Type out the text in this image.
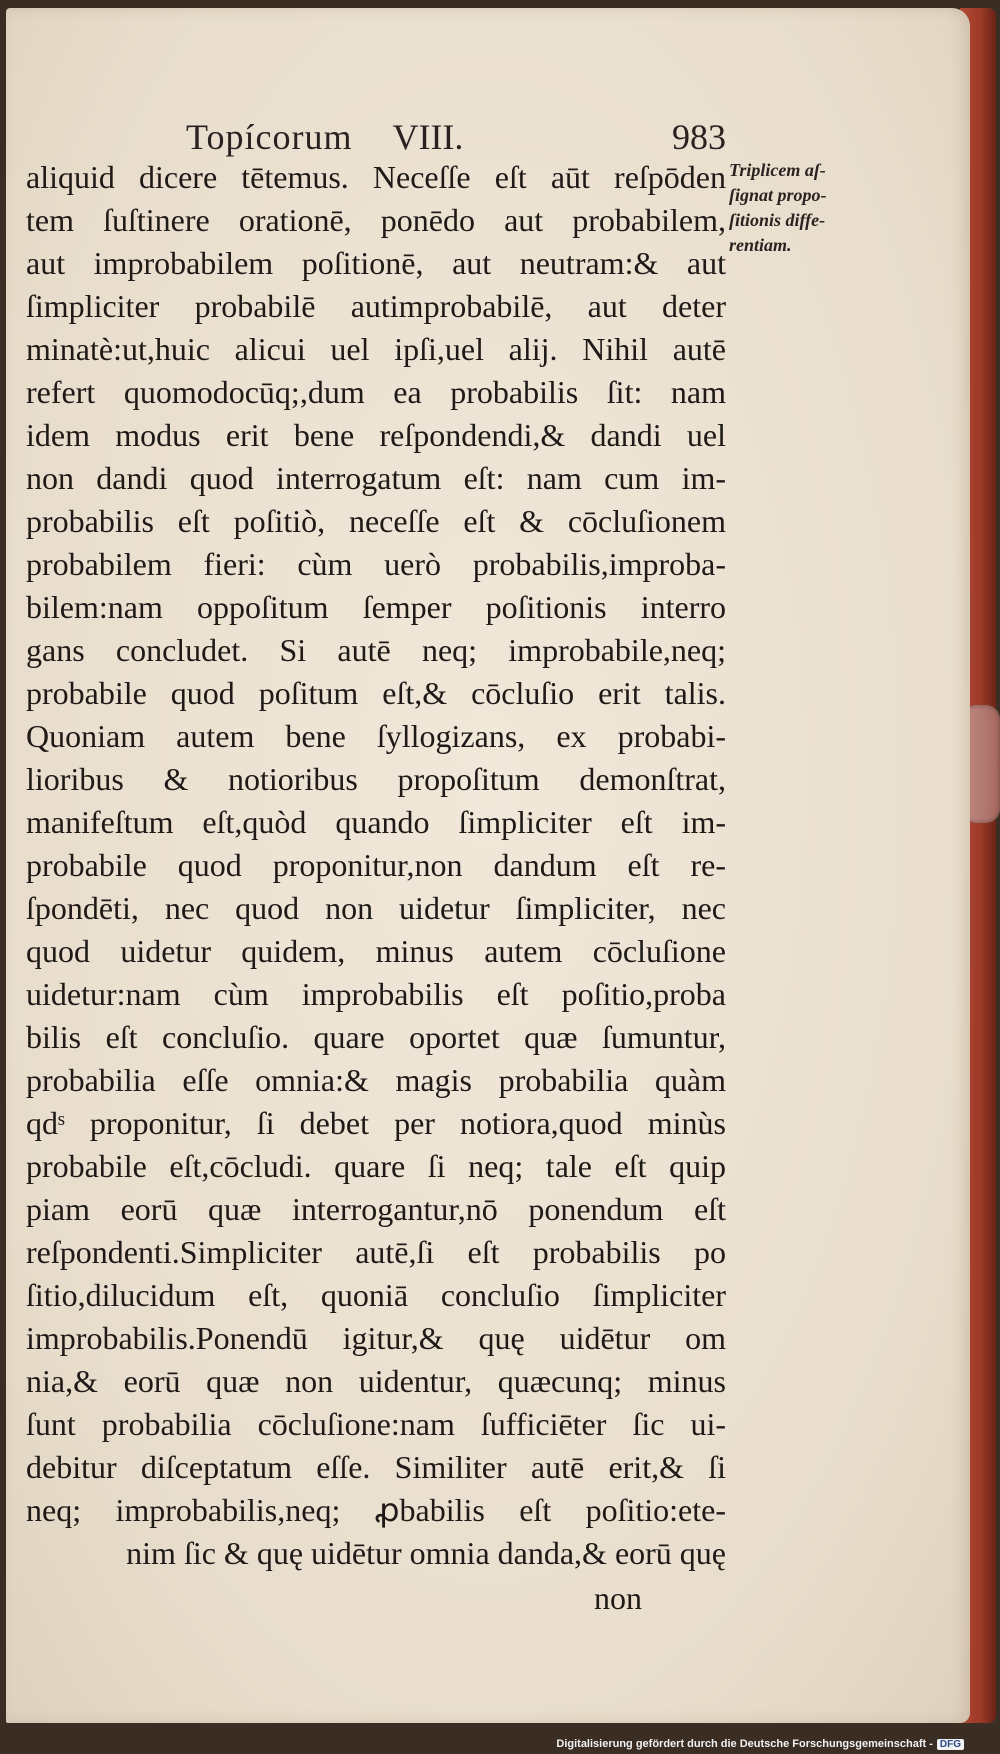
Topícorum VIII.	983
aliquid dicere tētemus. Neceſſe eſt aūt reſpōden
tem ſuſtinere orationē, ponēdo aut probabilem,
aut improbabilem poſitionē, aut neutram:& aut
ſimpliciter probabilē autimprobabilē, aut deter
minatè:ut,huic alicui uel ipſi,uel alij. Nihil autē
refert quomodocūq;,dum ea probabilis ſit: nam
idem modus erit bene reſpondendi,& dandi uel
non dandi quod interrogatum eſt: nam cum im-
probabilis eſt poſitiò, neceſſe eſt & cōcluſionem
probabilem fieri: cùm uerò probabilis,improba-
bilem:nam oppoſitum ſemper poſitionis interro
gans concludet. Si autē neq; improbabile,neq;
probabile quod poſitum eſt,& cōcluſio erit talis.
Quoniam autem bene ſyllogizans, ex probabi-
lioribus & notioribus propoſitum demonſtrat,
manifeſtum eſt,quòd quando ſimpliciter eſt im-
probabile quod proponitur,non dandum eſt re-
ſpondēti, nec quod non uidetur ſimpliciter, nec
quod uidetur quidem, minus autem cōcluſione
uidetur:nam cùm improbabilis eſt poſitio,proba
bilis eſt concluſio. quare oportet quæ ſumuntur,
probabilia eſſe omnia:& magis probabilia quàm
qdˢ proponitur, ſi debet per notiora,quod minùs
probabile eſt,cōcludi. quare ſi neq; tale eſt quip
piam eorū quæ interrogantur,nō ponendum eſt
reſpondenti.Simpliciter autē,ſi eſt probabilis po
ſitio,dilucidum eſt, quoniā concluſio ſimpliciter
improbabilis.Ponendū igitur,& quę uidētur om
nia,& eorū quæ non uidentur, quæcunq; minus
ſunt probabilia cōcluſione:nam ſufficiēter ſic ui-
debitur diſceptatum eſſe. Similiter autē erit,& ſi
neq; improbabilis,neq; ꝓbabilis eſt poſitio:ete-
nim ſic & quę uidētur omnia danda,& eorū quę
Triplicem aſ-
ſignat propo-
ſitionis diffe-
rentiam.
non
Digitalisierung gefördert durch die Deutsche Forschungsgemeinschaft - DFG
